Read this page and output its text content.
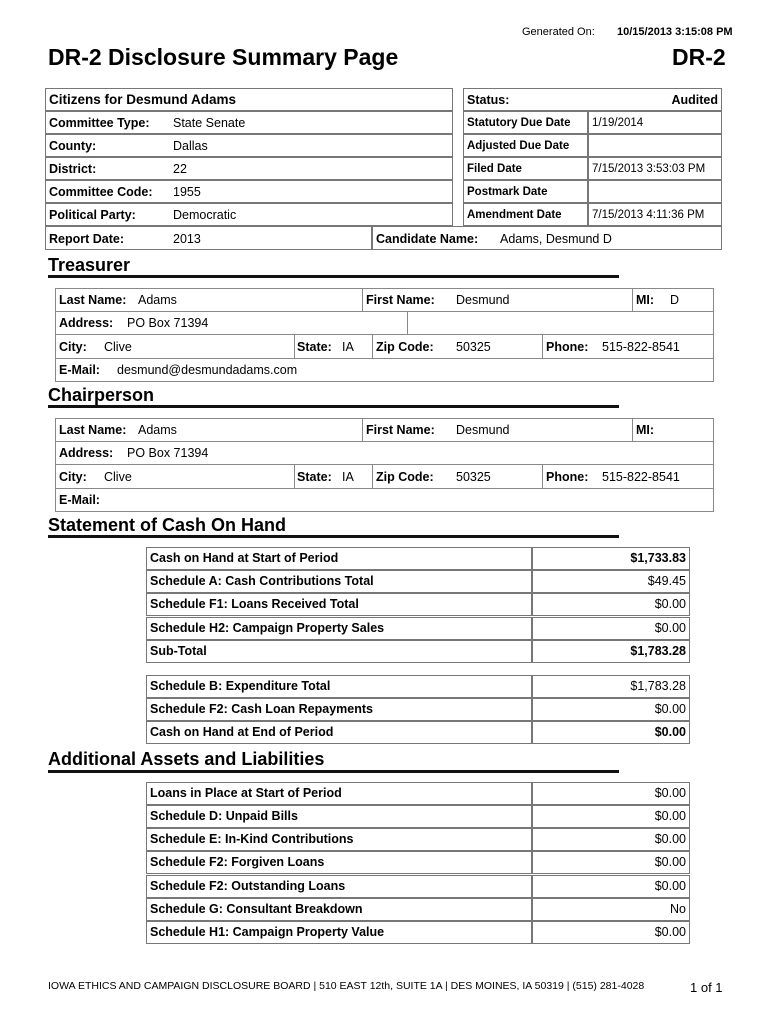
Generated On: 10/15/2013 3:15:08 PM
DR-2 Disclosure Summary Page	DR-2
Citizens for Desmund Adams
Committee Type: State Senate
County:	Dallas
District:	22
Committee Code: 1955
Political Party:	Democratic
Report Date:	2013	Candidate Name: Adams, Desmund D
Status:	Audited
Statutory Due Date 1/19/2014
Adjusted Due Date
Filed Date	7/15/2013 3:53:03 PM
Postmark Date
Amendment Date	7/15/2013 4:11:36 PM
Treasurer
Last Name: Adams	First Name: Desmund	MI: D
Address: PO Box 71394
City: Clive	State: IA Zip Code: 50325	Phone: 515-822-8541
E-Mail: desmund@desmundadams.com
Chairperson
Last Name: Adams	First Name: Desmund	MI:
Address: PO Box 71394
City: Clive	State: IA Zip Code: 50325	Phone: 515-822-8541
E-Mail:
Statement of Cash On Hand
Cash on Hand at Start of Period	$1,733.83
Schedule A: Cash Contributions Total	$49.45
Schedule F1: Loans Received Total	$0.00
Schedule H2: Campaign Property Sales	$0.00
Sub-Total	$1,783.28
Schedule B: Expenditure Total	$1,783.28
Schedule F2: Cash Loan Repayments	$0.00
Cash on Hand at End of Period	$0.00
Additional Assets and Liabilities
Loans in Place at Start of Period	$0.00
Schedule D: Unpaid Bills	$0.00
Schedule E: In-Kind Contributions	$0.00
Schedule F2: Forgiven Loans	$0.00
Schedule F2: Outstanding Loans	$0.00
Schedule G: Consultant Breakdown	No
Schedule H1: Campaign Property Value	$0.00
IOWA ETHICS AND CAMPAIGN DISCLOSURE BOARD | 510 EAST 12th, SUITE 1A | DES MOINES, IA 50319 | (515) 281-4028	1 of 1
